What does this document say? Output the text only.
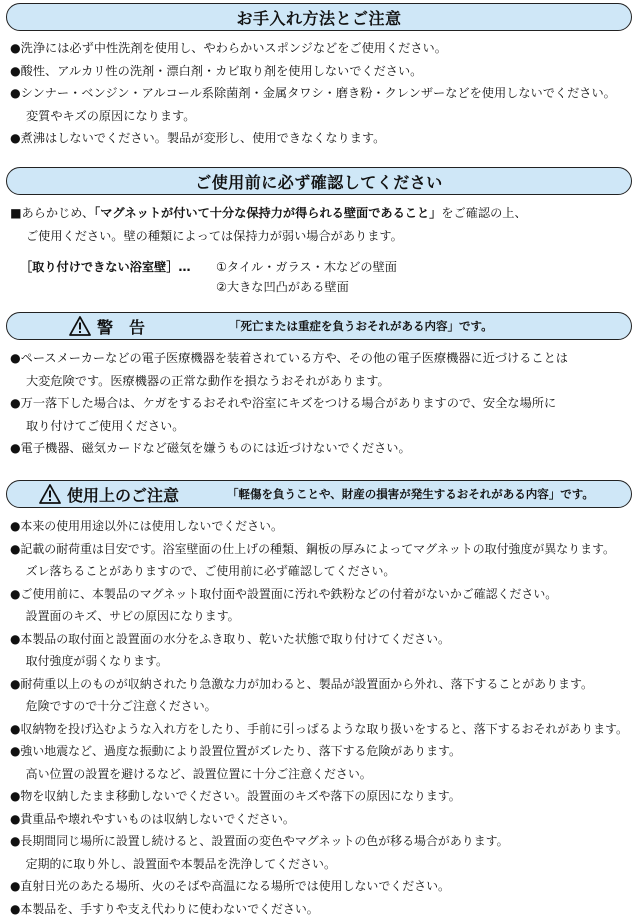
お手入れ方法とご注意
●洗浄には必ず中性洗剤を使用し、やわらかいスポンジなどをご使用ください。
●酸性、アルカリ性の洗剤・漂白剤・カビ取り剤を使用しないでください。
●シンナー・ベンジン・アルコール系除菌剤・金属タワシ・磨き粉・クレンザーなどを使用しないでください。
変質やキズの原因になります。
●煮沸はしないでください。製品が変形し、使用できなくなります。
ご使用前に必ず確認してください
■あらかじめ、「マグネットが付いて十分な保持力が得られる壁面であること」をご確認の上、
ご使用ください。壁の種類によっては保持力が弱い場合があります。
［取り付けできない浴室壁］… ①タイル・ガラス・木などの壁面
②大きな凹凸がある壁面
警　告	「死亡または重症を負うおそれがある内容」です。
●ペースメーカーなどの電子医療機器を装着されている方や、その他の電子医療機器に近づけることは
大変危険です。医療機器の正常な動作を損なうおそれがあります。
●万一落下した場合は、ケガをするおそれや浴室にキズをつける場合がありますので、安全な場所に
取り付けてご使用ください。
●電子機器、磁気カードなど磁気を嫌うものには近づけないでください。
使用上のご注意	「軽傷を負うことや、財産の損害が発生するおそれがある内容」です。
●本来の使用用途以外には使用しないでください。
●記載の耐荷重は目安です。浴室壁面の仕上げの種類、鋼板の厚みによってマグネットの取付強度が異なります。
ズレ落ちることがありますので、ご使用前に必ず確認してください。
●ご使用前に、本製品のマグネット取付面や設置面に汚れや鉄粉などの付着がないかご確認ください。
設置面のキズ、サビの原因になります。
●本製品の取付面と設置面の水分をふき取り、乾いた状態で取り付けてください。
取付強度が弱くなります。
●耐荷重以上のものが収納されたり急激な力が加わると、製品が設置面から外れ、落下することがあります。
危険ですので十分ご注意ください。
●収納物を投げ込むような入れ方をしたり、手前に引っぱるような取り扱いをすると、落下するおそれがあります。
●強い地震など、過度な振動により設置位置がズレたり、落下する危険があります。
高い位置の設置を避けるなど、設置位置に十分ご注意ください。
●物を収納したまま移動しないでください。設置面のキズや落下の原因になります。
●貴重品や壊れやすいものは収納しないでください。
●長期間同じ場所に設置し続けると、設置面の変色やマグネットの色が移る場合があります。
定期的に取り外し、設置面や本製品を洗浄してください。
●直射日光のあたる場所、火のそばや高温になる場所では使用しないでください。
●本製品を、手すりや支え代わりに使わないでください。
